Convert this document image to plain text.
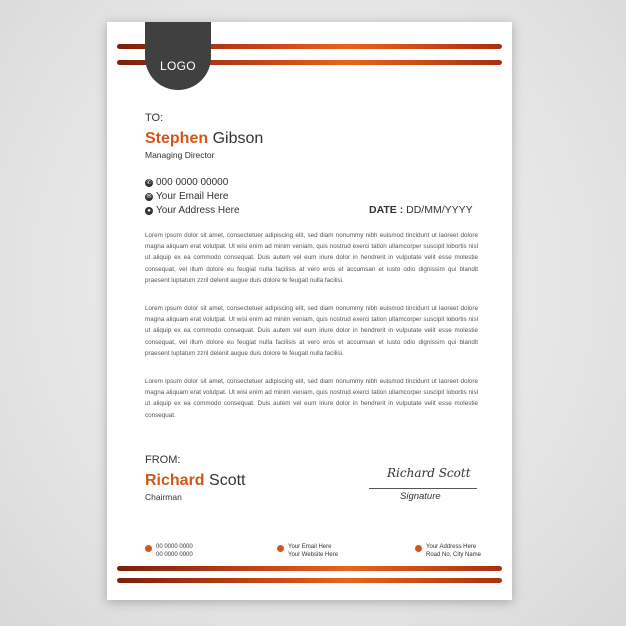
LOGO
TO:
Stephen Gibson
Managing Director
✆ 000 0000 00000
✉ Your Email Here
● Your Address Here	DATE : DD/MM/YYYY
Lorem ipsum dolor sit amet, consectetuer adipiscing elit, sed diam nonummy nibh euismod tincidunt ut laoreet dolore magna aliquam erat volutpat. Ut wisi enim ad minim veniam, quis nostrud exerci tation ullamcorper suscipit lobortis nisl ut aliquip ex ea commodo consequat. Duis autem vel eum iriure dolor in hendrerit in vulputate velit esse molestie consequat, vel illum dolore eu feugiat nulla facilisis at vero eros et accumsan et iusto odio dignissim qui blandit praesent luptatum zzril delenit augue duis dolore te feugait nulla facilisi.
Lorem ipsum dolor sit amet, consectetuer adipiscing elit, sed diam nonummy nibh euismod tincidunt ut laoreet dolore magna aliquam erat volutpat. Ut wisi enim ad minim veniam, quis nostrud exerci tation ullamcorper suscipit lobortis nisl ut aliquip ex ea commodo consequat. Duis autem vel eum iriure dolor in hendrerit in vulputate velit esse molestie consequat, vel illum dolore eu feugiat nulla facilisis at vero eros et accumsan et iusto odio dignissim qui blandit praesent luptatum zzril delenit augue duis dolore te feugait nulla facilisi.
Lorem ipsum dolor sit amet, consectetuer adipiscing elit, sed diam nonummy nibh euismod tincidunt ut laoreet dolore magna aliquam erat volutpat. Ut wisi enim ad minim veniam, quis nostrud exerci tation ullamcorper suscipit lobortis nisl ut aliquip ex ea commodo consequat. Duis autem vel eum iriure dolor in hendrerit in vulputate velit esse molestie consequat.
FROM:
Richard Scott
Chairman
Richard Scott
Signature
00 0000 0000
00 0000 0000
Your Email Here
Your Website Here
Your Address Here
Road No, City Name
